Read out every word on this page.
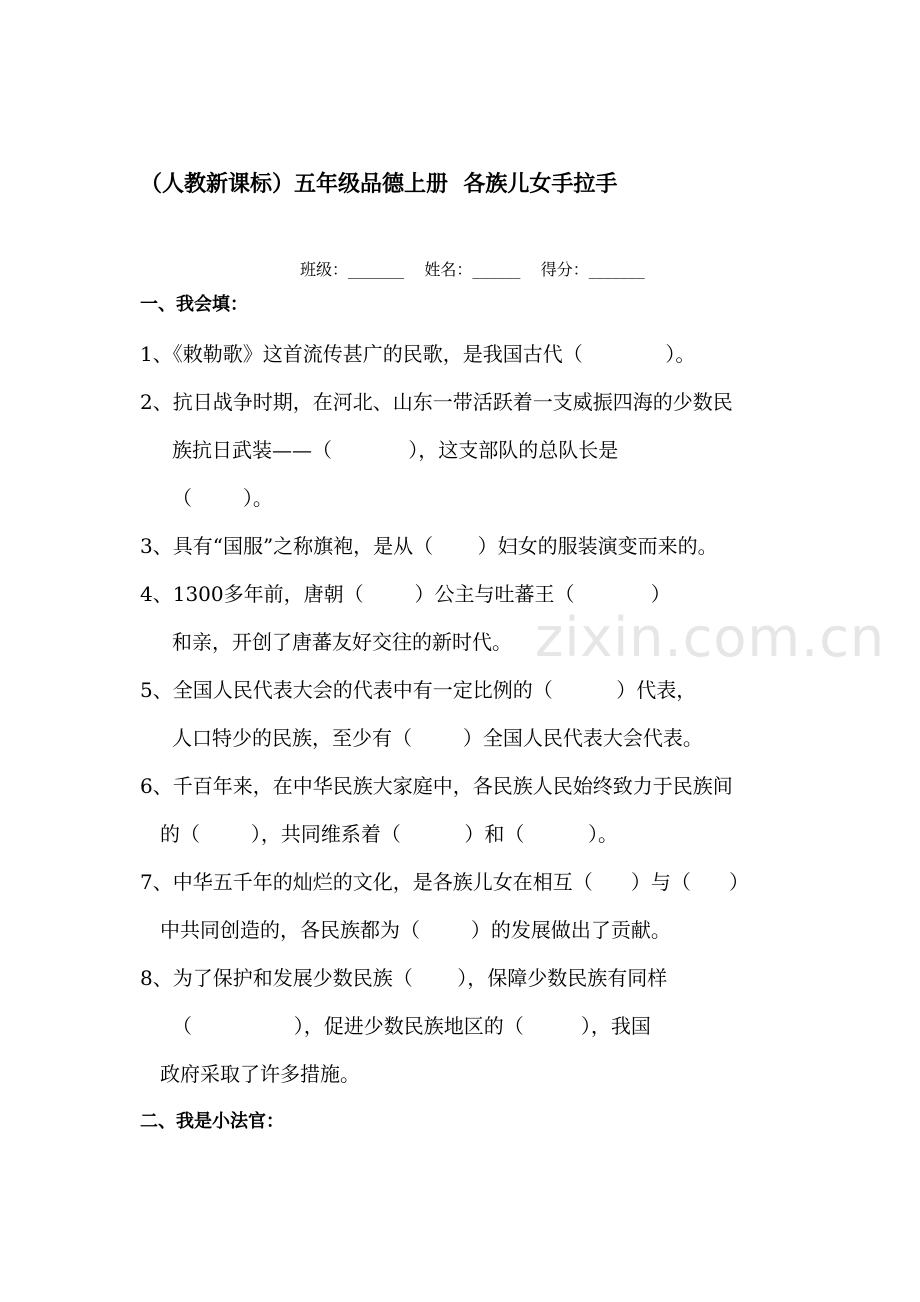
zixin.com.cn
（人教新课标）五年级品德上册  各族儿女手拉手
班级：_______    姓名：______    得分：_______
一、我会填：
1、《敕勒歌》这首流传甚广的民歌，是我国古代（             ）。
2、抗日战争时期，在河北、山东一带活跃着一支威振四海的少数民
族抗日武装——（            ），这支部队的总队长是
（        ）。
3、具有“国服”之称旗袍，是从（       ）妇女的服装演变而来的。
4、1300多年前，唐朝（        ）公主与吐蕃王（            ）
和亲，开创了唐蕃友好交往的新时代。
5、全国人民代表大会的代表中有一定比例的（          ）代表，
人口特少的民族，至少有（        ）全国人民代表大会代表。
6、千百年来，在中华民族大家庭中，各民族人民始终致力于民族间
的（        ），共同维系着（          ）和（          ）。
7、中华五千年的灿烂的文化，是各族儿女在相互（      ）与（      ）
中共同创造的，各民族都为（        ）的发展做出了贡献。
8、为了保护和发展少数民族（       ），保障少数民族有同样
（                ），促进少数民族地区的（         ），我国
政府采取了许多措施。
二、我是小法官：
